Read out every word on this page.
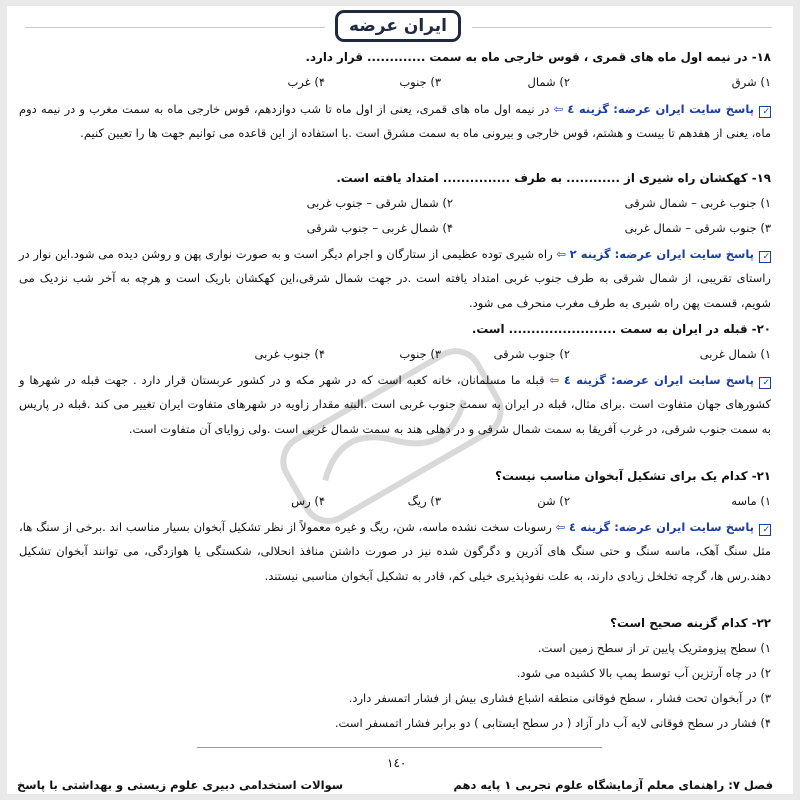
ایران عرضه
۱۸- در نیمه اول ماه های قمری ، قوس خارجی ماه به سمت ............. قرار دارد.
۱) شرق
۲) شمال
۳) جنوب
۴) غرب
✓پاسخ سایت ایران عرضه: گزینه ٤ ⇦ در نیمه اول ماه های قمری، یعنی از اول ماه تا شب دوازدهم، قوس خارجی ماه به سمت مغرب و در نیمه دوم ماه، یعنی از هفدهم تا بیست و هشتم، قوس خارجی و بیرونی ماه به سمت مشرق است .با استفاده از این قاعده می توانیم جهت ها را تعیین کنیم.
۱۹- کهکشان راه شیری از ............ به طرف ............... امتداد یافته است.
۱) جنوب غربی – شمال شرقی
۲) شمال شرقی – جنوب غربی
۳) جنوب شرقی – شمال غربی
۴) شمال غربی – جنوب شرقی
✓پاسخ سایت ایران عرضه: گزینه ۲ ⇦ راه شیری توده عظیمی از ستارگان و اجرام دیگر است و به صورت نواری پهن و روشن دیده می شود.این نوار در راستای تقریبی، از شمال شرقی به طرف جنوب غربی امتداد یافته است .در جهت شمال شرقی،این کهکشان باریک است و هرچه به آخر شب نزدیک می شویم، قسمت پهن راه شیری به طرف مغرب منحرف می شود.
۲۰- قبله در ایران به سمت ........................ است.
۱) شمال غربی
۲) جنوب شرقی
۳) جنوب
۴) جنوب غربی
✓پاسخ سایت ایران عرضه: گزینه ٤ ⇦ قبله ما مسلمانان، خانه کعبه است که در شهر مکه و در کشور عربستان قرار دارد . جهت قبله در شهرها و کشورهای جهان متفاوت است .برای مثال، قبله در ایران به سمت جنوب غربی است .البته مقدار زاویه در شهرهای متفاوت ایران تغییر می کند .قبله در پاریس به سمت جنوب شرقی، در غرب آفریقا به سمت شمال شرقی و در دهلی هند به سمت شمال غربی است .ولی زوایای آن متفاوت است.
۲۱- کدام یک برای تشکیل آبخوان مناسب نیست؟
۱) ماسه
۲) شن
۳) ریگ
۴) رس
✓پاسخ سایت ایران عرضه: گزینه ٤ ⇦ رسوبات سخت نشده ماسه، شن، ریگ و غیره معمولاً از نظر تشکیل آبخوان بسیار مناسب اند .برخی از سنگ ها، مثل سنگ آهک، ماسه سنگ و حتی سنگ های آذرین و دگرگون شده نیز در صورت داشتن منافذ انحلالی، شکستگی یا هوازدگی، می توانند آبخوان تشکیل دهند.رس ها، گرچه تخلخل زیادی دارند، به علت نفوذپذیری خیلی کم، قادر به تشکیل آبخوان مناسبی نیستند.
۲۲- کدام گزینه صحیح است؟
۱) سطح پیزومتریک پایین تر از سطح زمین است.
۲) در چاه آرتزین آب توسط پمپ بالا کشیده می شود.
۳) در آبخوان تحت فشار ، سطح فوقانی منطقه اشباع فشاری بیش از فشار اتمسفر دارد.
۴) فشار در سطح فوقانی لایه آب دار آزاد ( در سطح ایستابی ) دو برابر فشار اتمسفر است.
۱٤۰
فصل ۷: راهنمای معلم آزمایشگاه علوم تجربی ۱ پایه دهم
سوالات استخدامی دبیری علوم زیستی و بهداشتی با پاسخ
